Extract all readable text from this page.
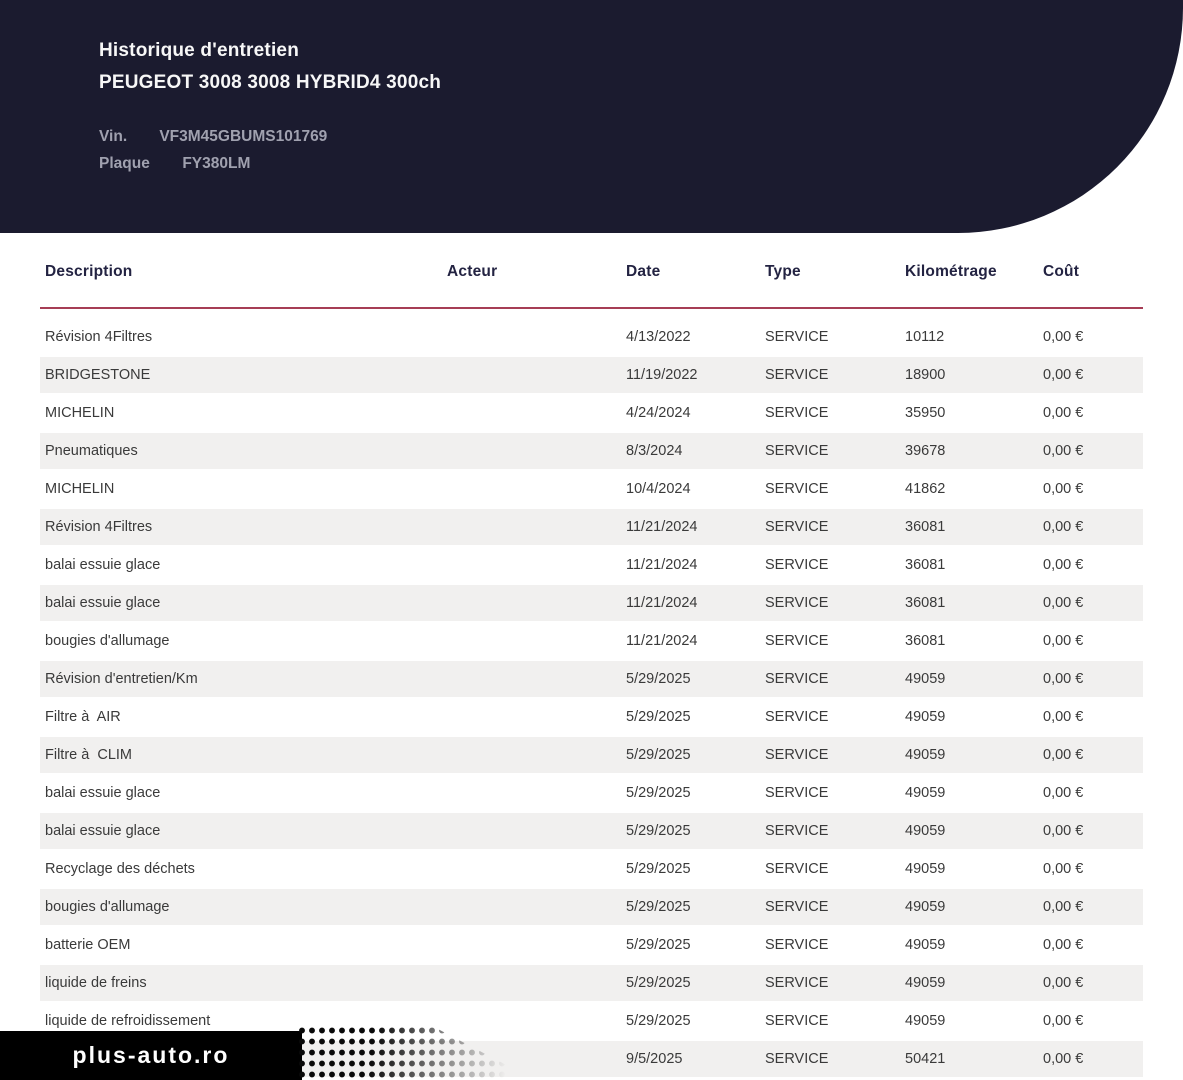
Historique d'entretien
PEUGEOT 3008 3008 HYBRID4 300ch
Vin. VF3M45GBUMS101769
Plaque FY380LM
Description	Acteur	Date	Type	Kilométrage	Coût
Révision 4Filtres	4/13/2022	SERVICE	10112	0,00 €
BRIDGESTONE	11/19/2022	SERVICE	18900	0,00 €
MICHELIN	4/24/2024	SERVICE	35950	0,00 €
Pneumatiques	8/3/2024	SERVICE	39678	0,00 €
MICHELIN	10/4/2024	SERVICE	41862	0,00 €
Révision 4Filtres	11/21/2024	SERVICE	36081	0,00 €
balai essuie glace	11/21/2024	SERVICE	36081	0,00 €
balai essuie glace	11/21/2024	SERVICE	36081	0,00 €
bougies d'allumage	11/21/2024	SERVICE	36081	0,00 €
Révision d'entretien/Km	5/29/2025	SERVICE	49059	0,00 €
Filtre à  AIR	5/29/2025	SERVICE	49059	0,00 €
Filtre à  CLIM	5/29/2025	SERVICE	49059	0,00 €
balai essuie glace	5/29/2025	SERVICE	49059	0,00 €
balai essuie glace	5/29/2025	SERVICE	49059	0,00 €
Recyclage des déchets	5/29/2025	SERVICE	49059	0,00 €
bougies d'allumage	5/29/2025	SERVICE	49059	0,00 €
batterie OEM	5/29/2025	SERVICE	49059	0,00 €
liquide de freins	5/29/2025	SERVICE	49059	0,00 €
liquide de refroidissement	5/29/2025	SERVICE	49059	0,00 €
9/5/2025	SERVICE	50421	0,00 €
plus-auto.ro
